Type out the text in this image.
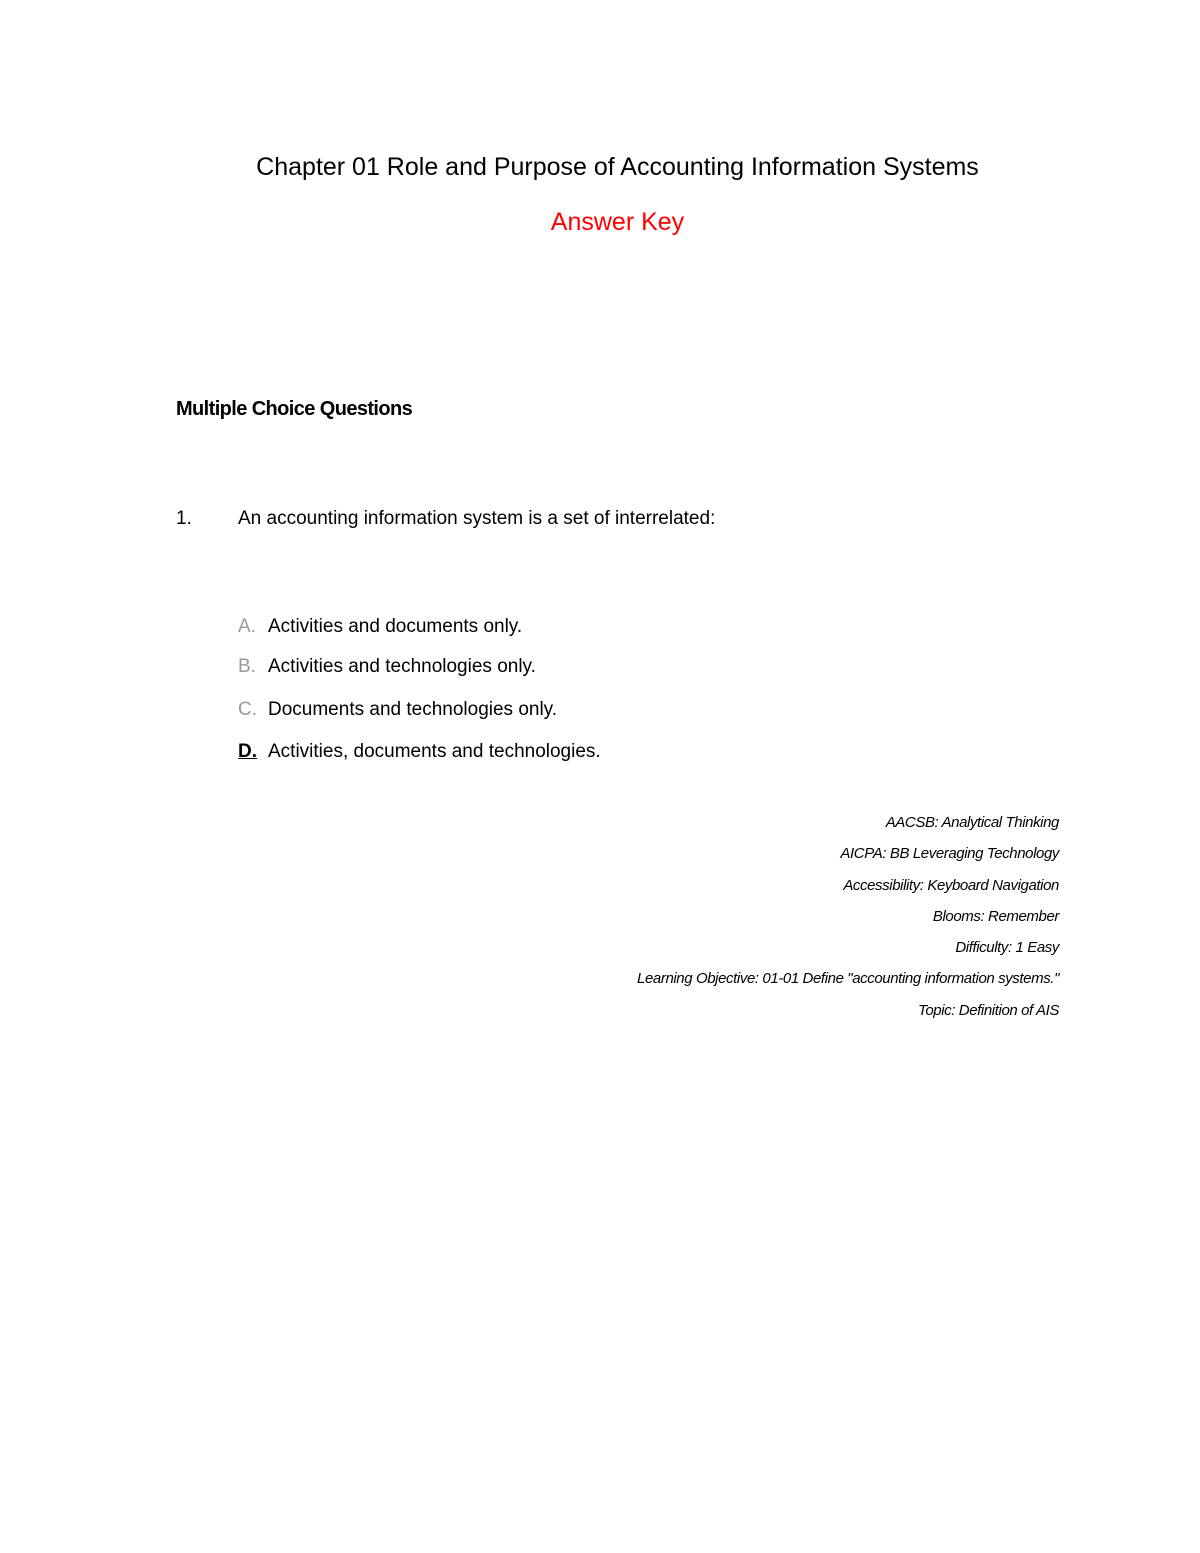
Chapter 01 Role and Purpose of Accounting Information Systems
Answer Key
Multiple Choice Questions
1. An accounting information system is a set of interrelated:
A. Activities and documents only.
B. Activities and technologies only.
C. Documents and technologies only.
D. Activities, documents and technologies.
AACSB: Analytical Thinking
AICPA: BB Leveraging Technology
Accessibility: Keyboard Navigation
Blooms: Remember
Difficulty: 1 Easy
Learning Objective: 01-01 Define "accounting information systems."
Topic: Definition of AIS
